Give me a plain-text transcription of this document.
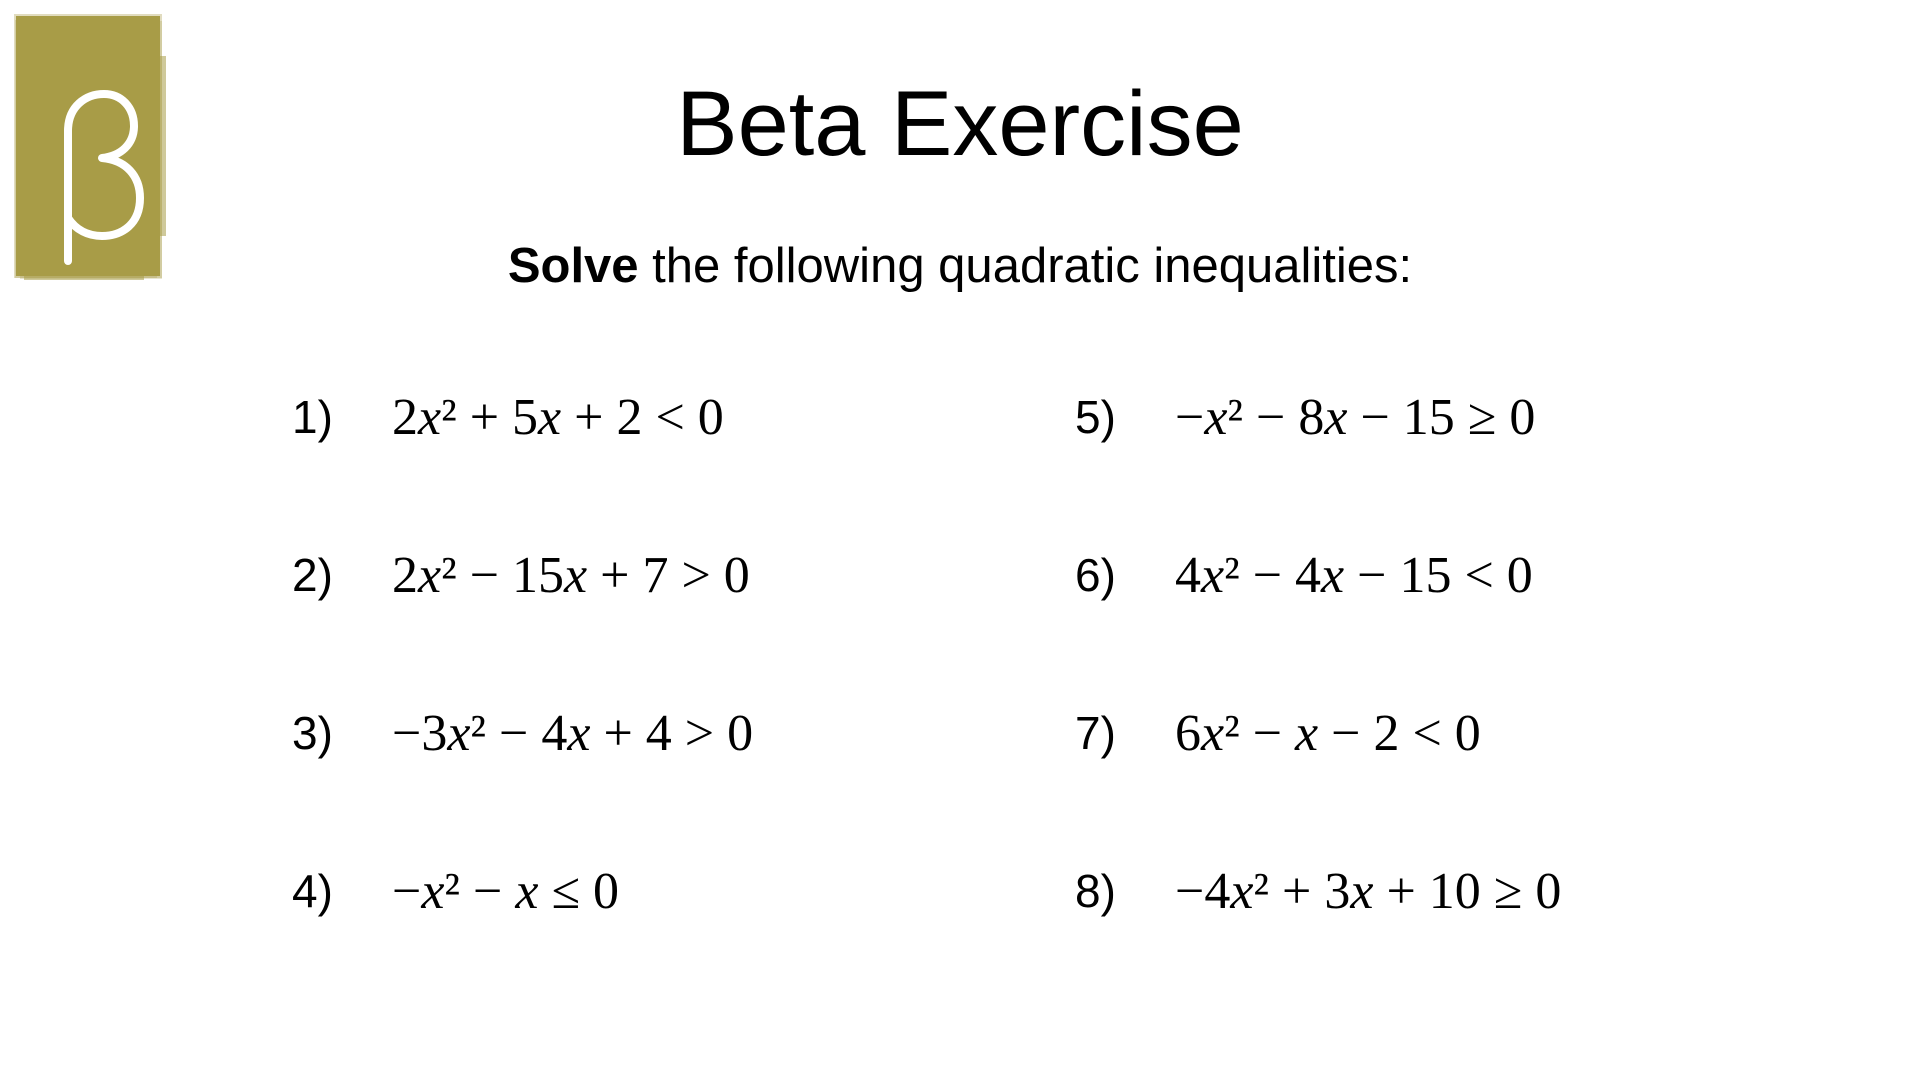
Beta Exercise
Solve the following quadratic inequalities:
1)	2x² + 5x + 2 < 0
2)	2x² − 15x + 7 > 0
3)	−3x² − 4x + 4 > 0
4)	−x² − x ≤ 0
5)	−x² − 8x − 15 ≥ 0
6)	4x² − 4x − 15 < 0
7)	6x² − x − 2 < 0
8)	−4x² + 3x + 10 ≥ 0
